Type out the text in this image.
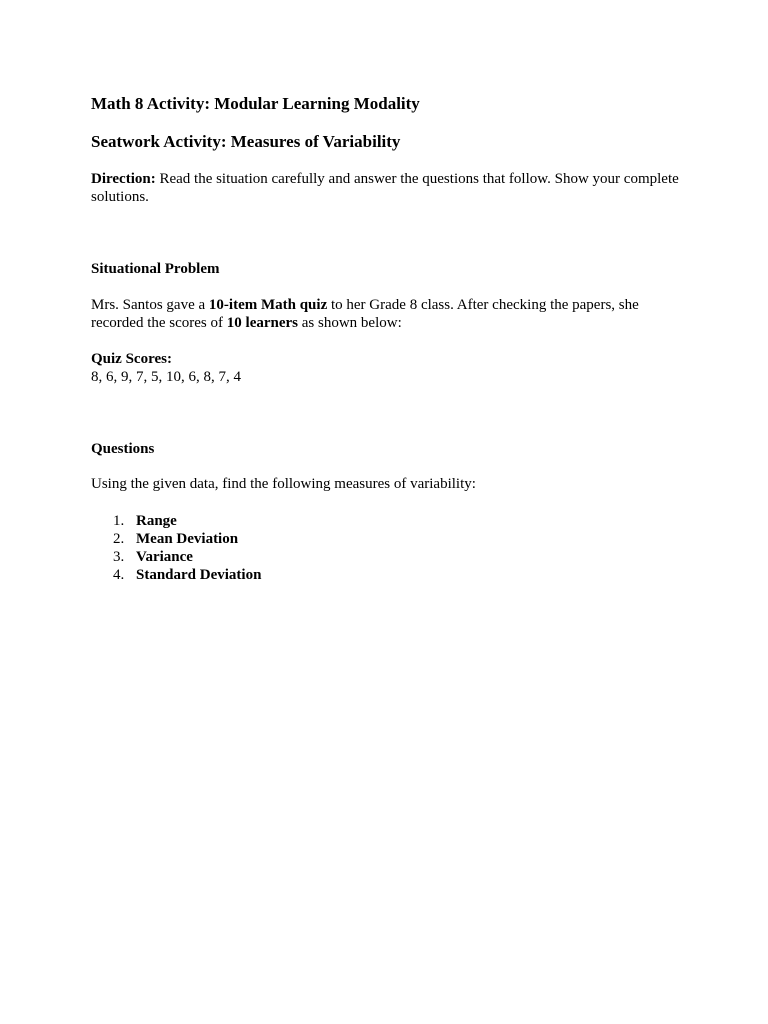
Math 8 Activity: Modular Learning Modality
Seatwork Activity: Measures of Variability

Direction: Read the situation carefully and answer the questions that follow. Show your complete solutions.

Situational Problem

Mrs. Santos gave a 10-item Math quiz to her Grade 8 class. After checking the papers, she recorded the scores of 10 learners as shown below:

Quiz Scores:

8, 6, 9, 7, 5, 10, 6, 8, 7, 4

Questions

Using the given data, find the following measures of variability:

1. Range
2. Mean Deviation
3. Variance
4. Standard Deviation
